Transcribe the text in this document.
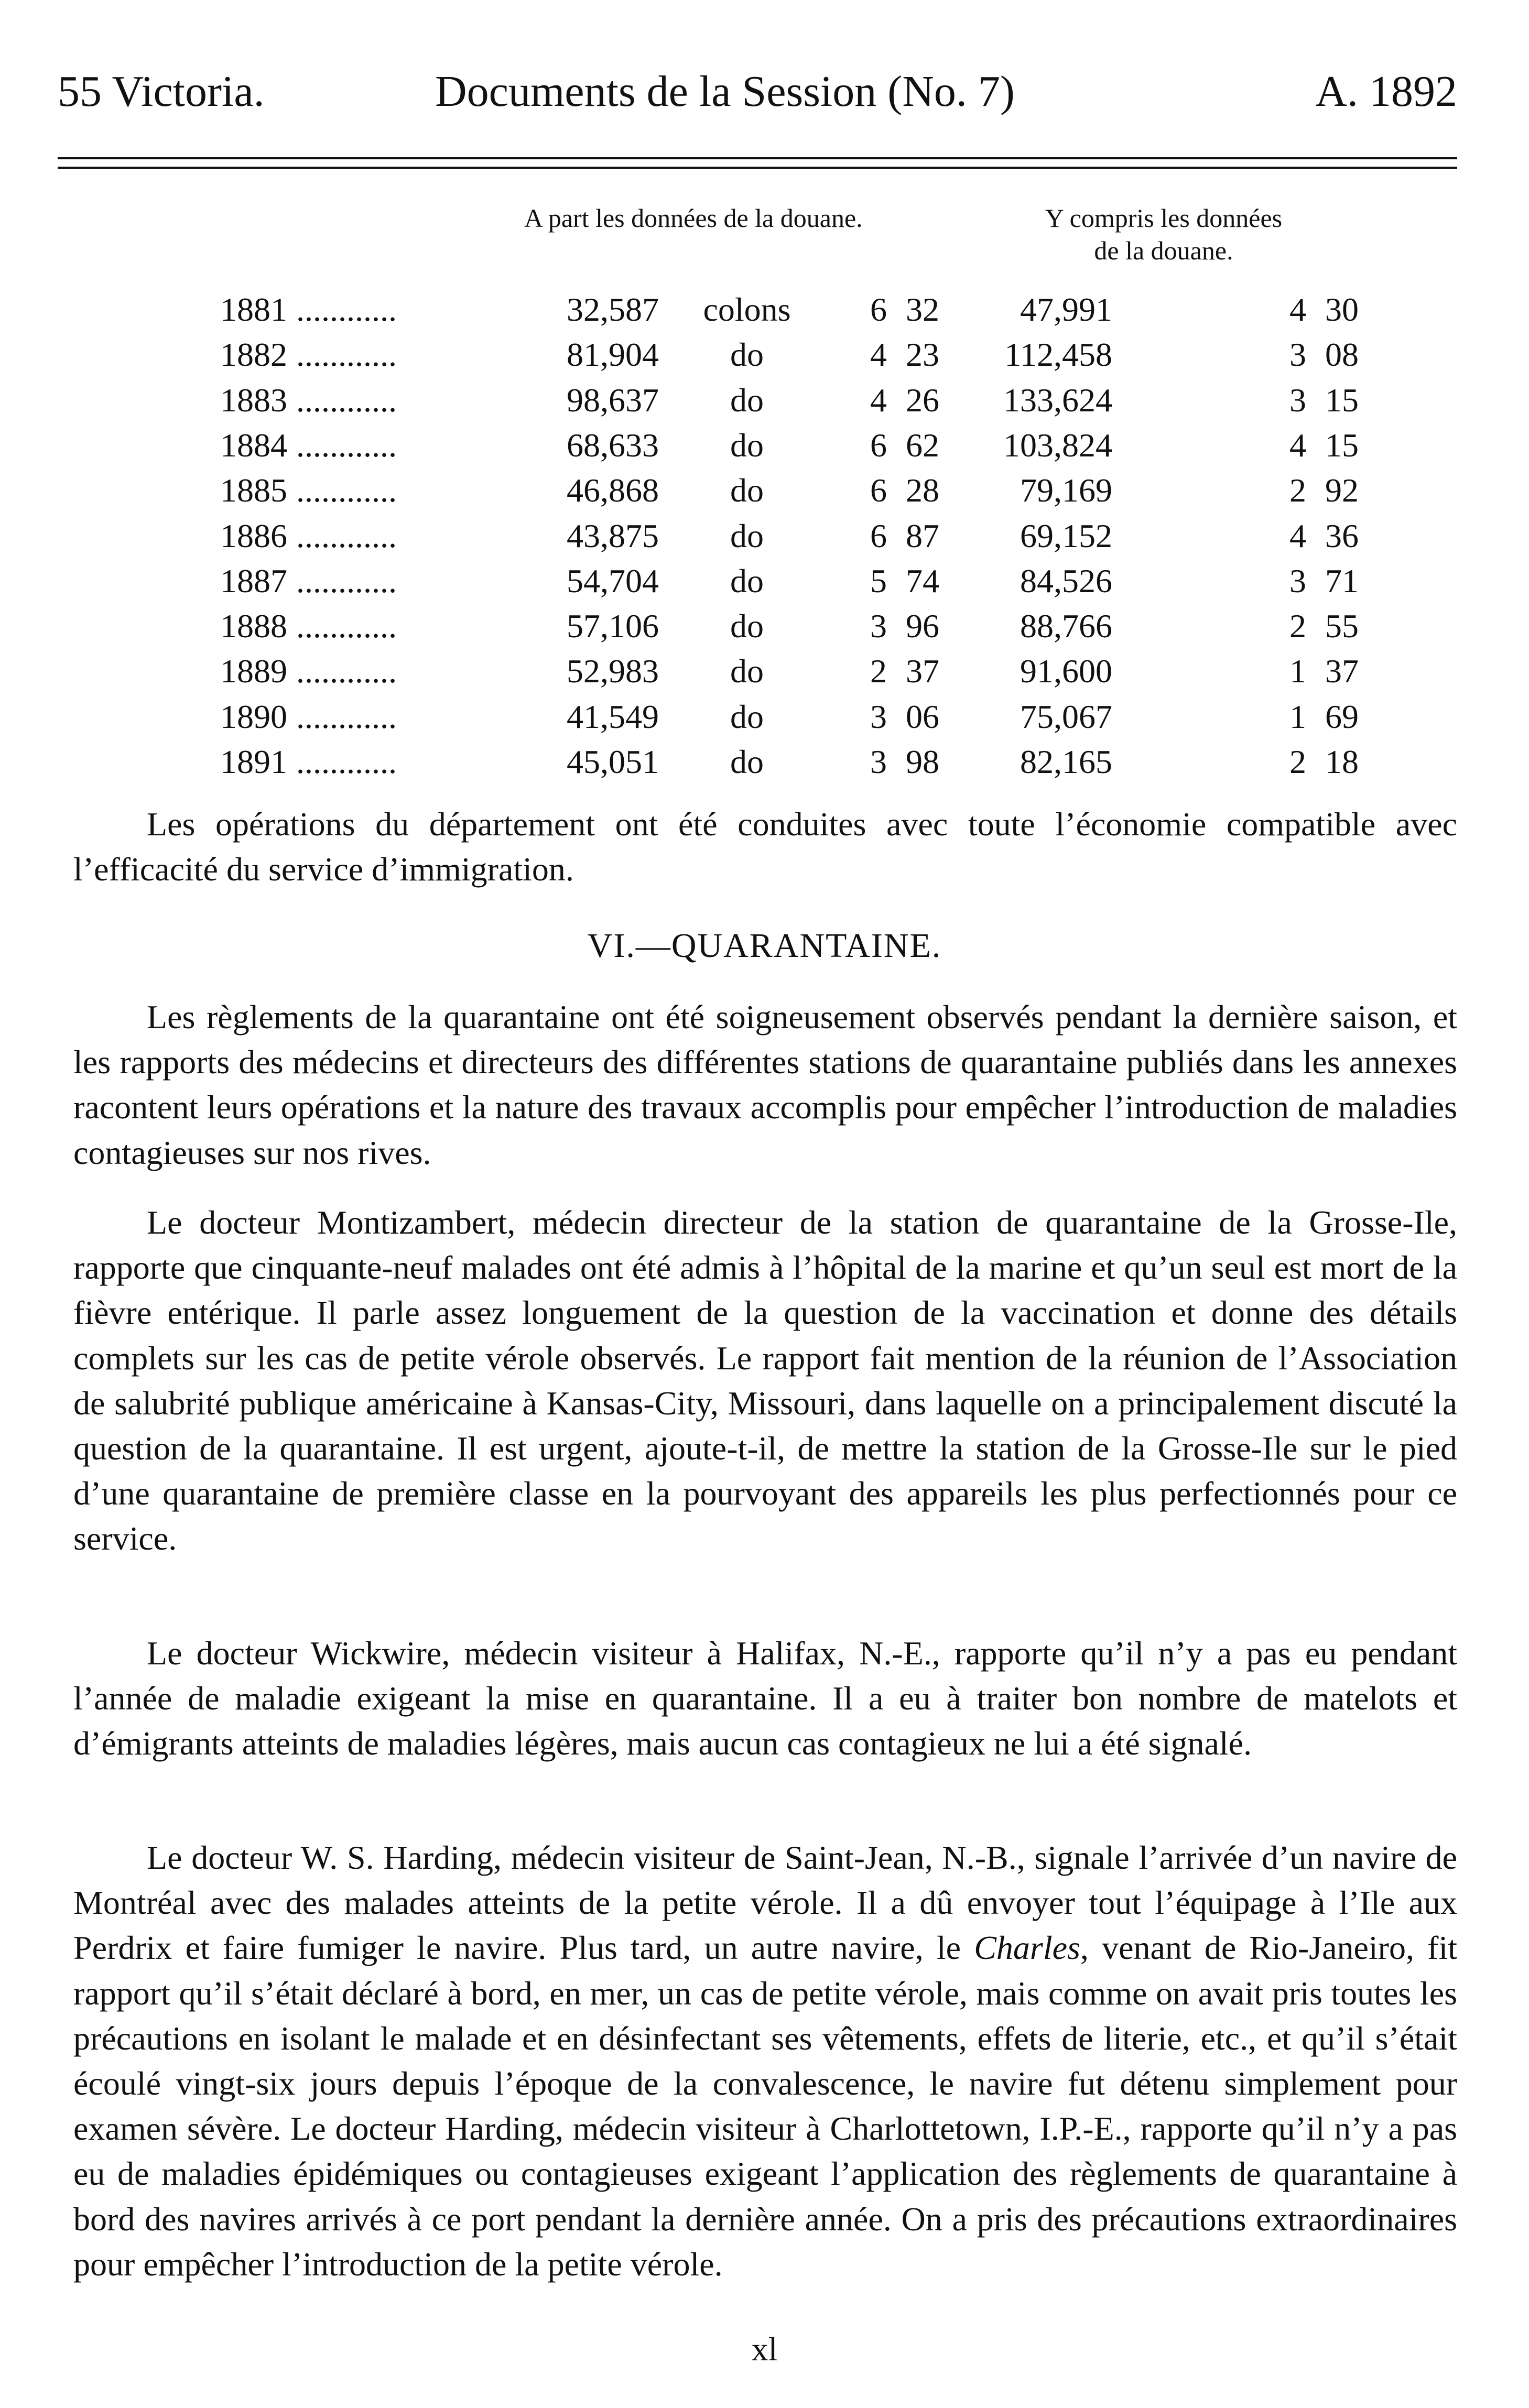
55 Victoria.	Documents de la Session (No. 7)	A. 1892
A part les données de la douane.	Y compris les données
de la douane.
1881 ............	32,587	colons	6 32 47,991	4 30
1882 ............	81,904	do	4 23 112,458	3 08
1883 ............	98,637	do	4 26 133,624	3 15
1884 ............	68,633	do	6 62 103,824	4 15
1885 ............	46,868	do	6 28 79,169	2 92
1886 ............	43,875	do	6 87 69,152	4 36
1887 ............	54,704	do	5 74 84,526	3 71
1888 ............	57,106	do	3 96 88,766	2 55
1889 ............	52,983	do	2 37 91,600	1 37
1890 ............	41,549	do	3 06 75,067	1 69
1891 ............	45,051	do	3 98 82,165	2 18

Les opérations du département ont été conduites avec toute l’économie compatible avec l’efficacité du service d’immigration.

VI.—QUARANTAINE.

Les règlements de la quarantaine ont été soigneusement observés pendant la dernière saison, et les rapports des médecins et directeurs des différentes stations de quarantaine publiés dans les annexes racontent leurs opérations et la nature des travaux accomplis pour empêcher l’introduction de maladies contagieuses sur nos rives.

Le docteur Montizambert, médecin directeur de la station de quarantaine de la Grosse-Ile, rapporte que cinquante-neuf malades ont été admis à l’hôpital de la marine et qu’un seul est mort de la fièvre entérique. Il parle assez longuement de la question de la vaccination et donne des détails complets sur les cas de petite vérole observés. Le rapport fait mention de la réunion de l’Association de salubrité publique américaine à Kansas-City, Missouri, dans laquelle on a principalement discuté la question de la quarantaine. Il est urgent, ajoute-t-il, de mettre la station de la Grosse-Ile sur le pied d’une quarantaine de première classe en la pourvoyant des appareils les plus perfectionnés pour ce service.

Le docteur Wickwire, médecin visiteur à Halifax, N.-E., rapporte qu’il n’y a pas eu pendant l’année de maladie exigeant la mise en quarantaine. Il a eu à traiter bon nombre de matelots et d’émigrants atteints de maladies légères, mais aucun cas contagieux ne lui a été signalé.

Le docteur W. S. Harding, médecin visiteur de Saint-Jean, N.-B., signale l’arrivée d’un navire de Montréal avec des malades atteints de la petite vérole. Il a dû envoyer tout l’équipage à l’Ile aux Perdrix et faire fumiger le navire. Plus tard, un autre navire, le Charles, venant de Rio-Janeiro, fit rapport qu’il s’était déclaré à bord, en mer, un cas de petite vérole, mais comme on avait pris toutes les précautions en isolant le malade et en désinfectant ses vêtements, effets de literie, etc., et qu’il s’était écoulé vingt-six jours depuis l’époque de la convalescence, le navire fut détenu simplement pour examen sévère. Le docteur Harding, médecin visiteur à Charlottetown, I.P.-E., rapporte qu’il n’y a pas eu de maladies épidémiques ou contagieuses exigeant l’application des règlements de quarantaine à bord des navires arrivés à ce port pendant la dernière année. On a pris des précautions extraordinaires pour empêcher l’introduction de la petite vérole.

xl
